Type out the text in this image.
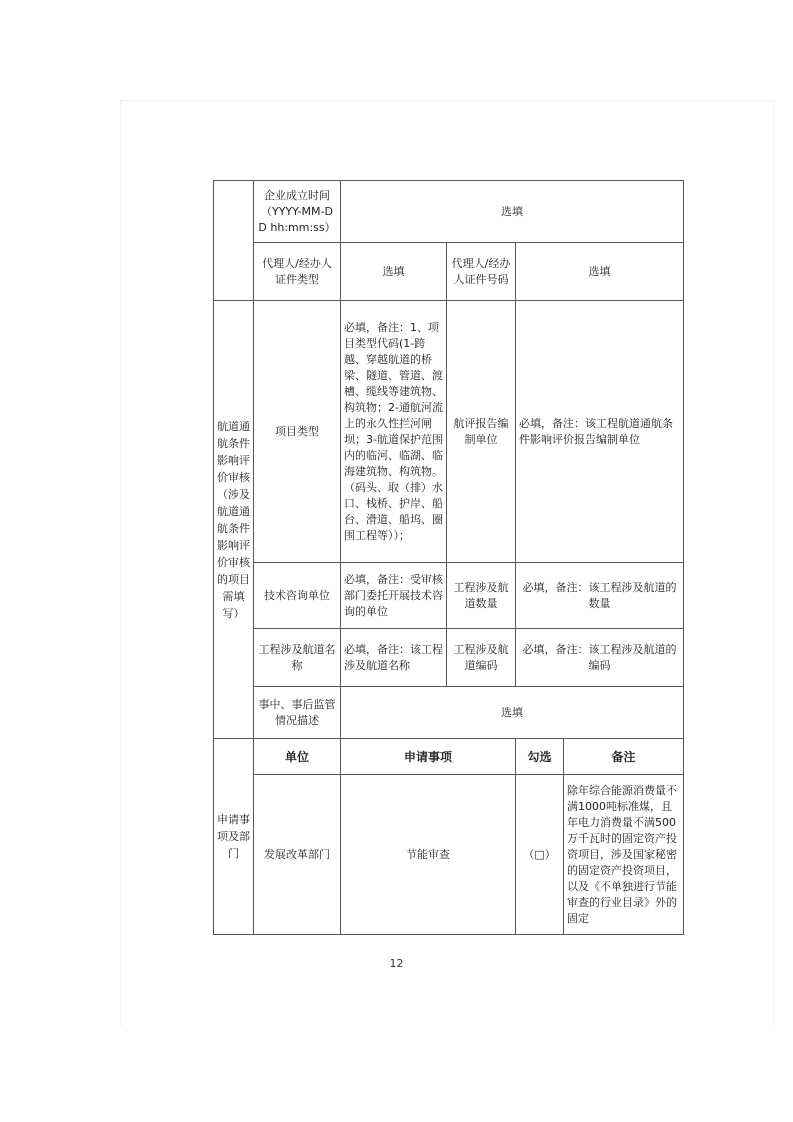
	企业成立时间（YYYY-MM-DD hh:mm:ss）	选填			
	代理人/经办人证件类型	选填	代理人/经办人证件号码	选填	
航道通航条件影响评价审核（涉及航道通航条件影响评价审核的项目需填写）	项目类型	必填，备注：1、项目类型代码(1-跨越、穿越航道的桥梁、隧道、管道、渡槽、缆线等建筑物、构筑物；2-通航河流上的永久性拦河闸坝；3-航道保护范围内的临河、临湖、临海建筑物、构筑物。（码头、取（排）水口、栈桥、护岸、船台、滑道、船坞、圈围工程等））；	航评报告编制单位	必填，备注：该工程航道通航条件影响评价报告编制单位	
	技术咨询单位	必填，备注：受审核部门委托开展技术咨询的单位	工程涉及航道数量	必填，备注：该工程涉及航道的数量	
	工程涉及航道名称	必填，备注：该工程涉及航道名称	工程涉及航道编码	必填，备注：该工程涉及航道的编码	
	事中、事后监管情况描述	选填			
申请事项及部门	单位	申请事项		勾选	备注
	发展改革部门	节能审查		（□）	除年综合能源消费量不满1000吨标准煤，且年电力消费量不满500万千瓦时的固定资产投资项目，涉及国家秘密的固定资产投资项目，以及《不单独进行节能审查的行业目录》外的固定
12
